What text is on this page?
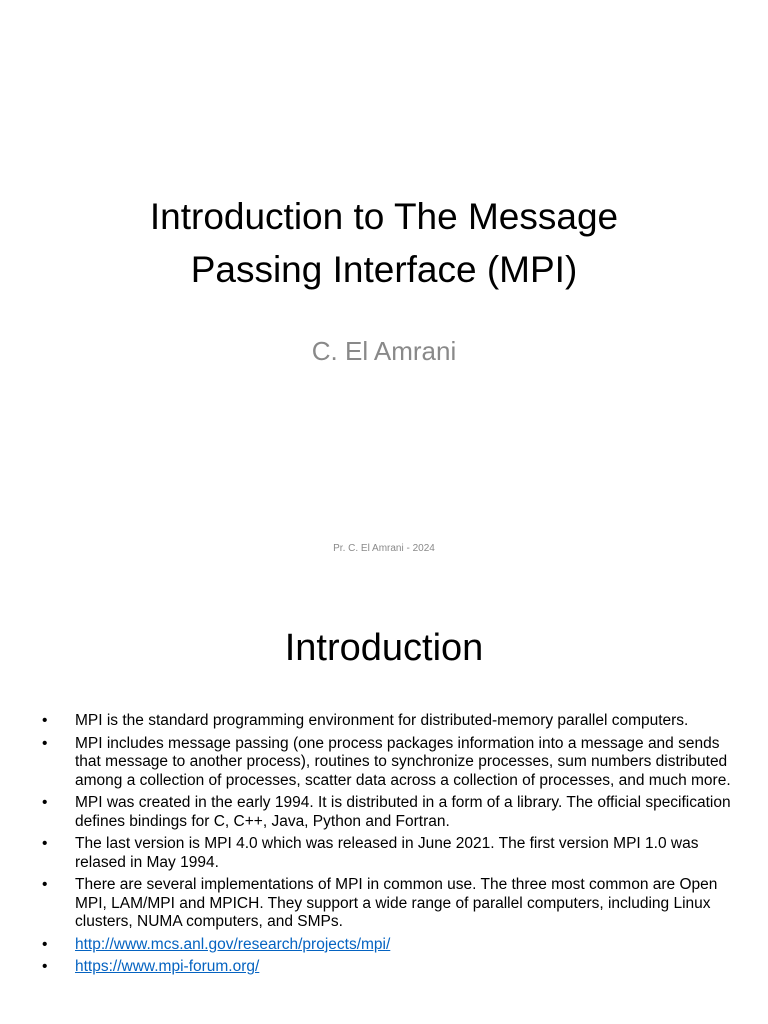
Introduction to The Message
Passing Interface (MPI)
C. El Amrani
Pr. C. El Amrani - 2024
Introduction
•	MPI is the standard programming environment for distributed-memory parallel computers.
•	MPI includes message passing (one process packages information into a message and sends that message to another process), routines to synchronize processes, sum numbers distributed among a collection of processes, scatter data across a collection of processes, and much more.
•	MPI was created in the early 1994. It is distributed in a form of a library. The official specification defines bindings for C, C++, Java, Python and Fortran.
•	The last version is MPI 4.0 which was released in June 2021. The first version MPI 1.0 was relased in May 1994.
•	There are several implementations of MPI in common use. The three most common are Open MPI, LAM/MPI and MPICH. They support a wide range of parallel computers, including Linux clusters, NUMA computers, and SMPs.
•	http://www.mcs.anl.gov/research/projects/mpi/
•	https://www.mpi-forum.org/
